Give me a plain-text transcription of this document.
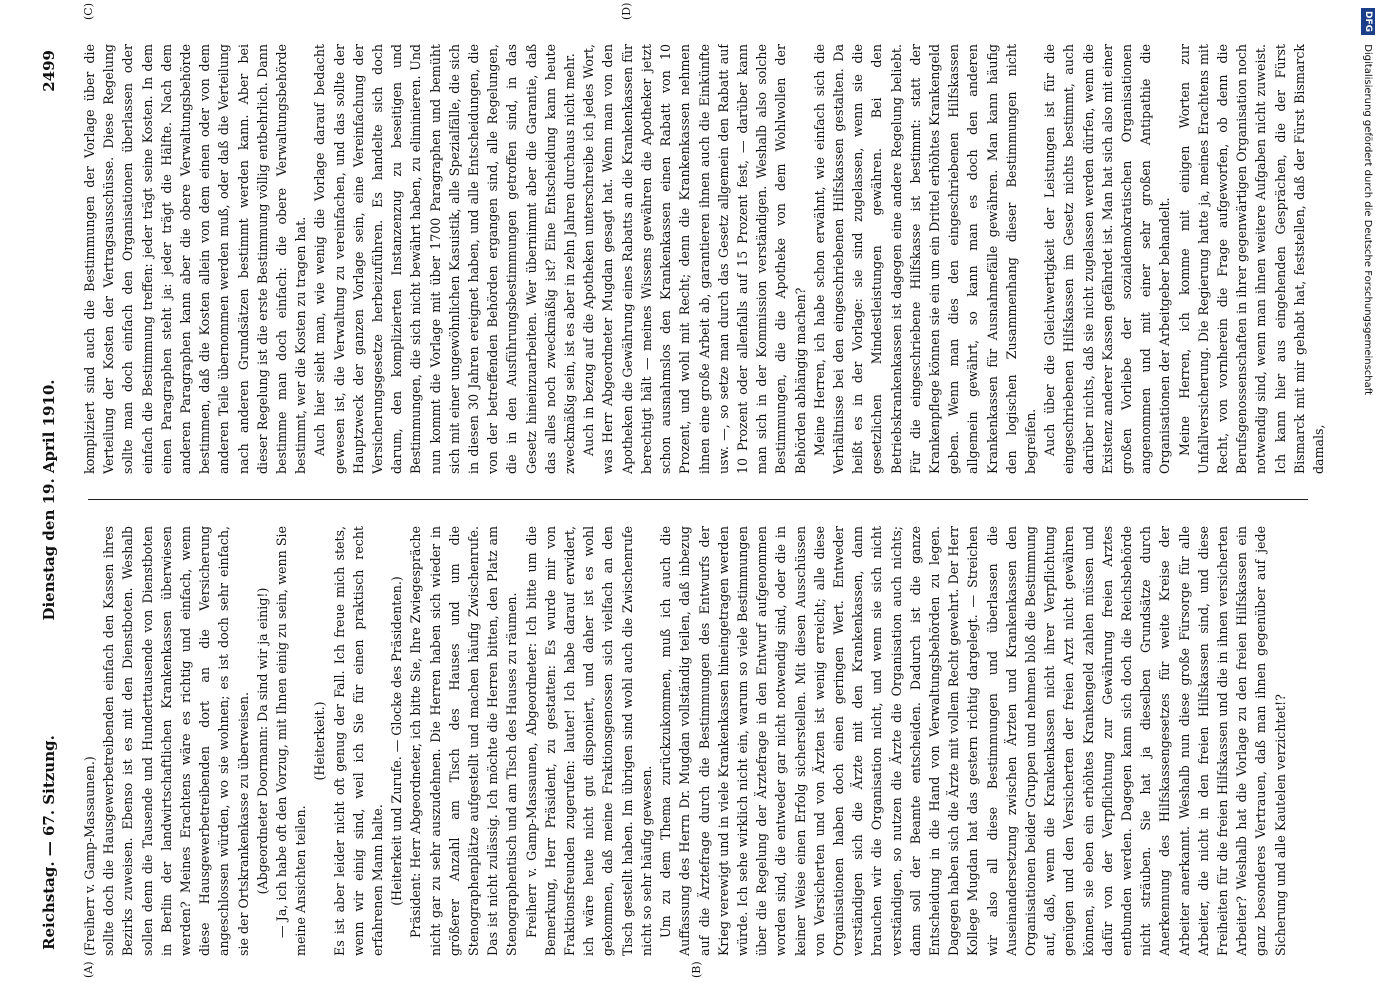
Reichstag. — 67. Sitzung.
Dienstag den 19. April 1910.
2499
(A)	(B)
(C)	(D)

(Freiherr v. Gamp-Massaunen.) sollte doch die Hausgewerbetreibenden einfach den Kassen ihres Bezirks zuweisen. Ebenso ist es mit den Dienstboten. Weshalb sollen denn die Tausende und Hunderttausende von Dienstboten in Berlin der landwirtschaftlichen Krankenkassen überwiesen werden? Meines Erachtens wäre es richtig und einfach, wenn diese Hausgewerbetreibenden dort an die Versicherung angeschlossen würden, wo sie wohnen; es ist doch sehr einfach, sie der Ortskrankenkasse zu überweisen. (Abgeordneter Doormann: Da sind wir ja einig!) — Ja, ich habe oft den Vorzug, mit Ihnen einig zu sein, wenn Sie meine Ansichten teilen.

(Heiterkeit.) Es ist aber leider nicht oft genug der Fall. Ich freue mich stets, wenn wir einig sind, weil ich Sie für einen praktisch recht erfahrenen Mann halte. (Heiterkeit und Zurufe. — Glocke des Präsidenten.) Präsident: Herr Abgeordneter, ich bitte Sie, Ihre Zwiegespräche nicht gar zu sehr auszudehnen. Die Herren haben sich wieder in größerer Anzahl am Tisch des Hauses und um die Stenographenplätze aufgestellt und machen häufig Zwischenrufe. Das ist nicht zulässig. Ich möchte die Herren bitten, den Platz am Stenographentisch und am Tisch des Hauses zu räumen. Freiherr v. Gamp-Massaunen, Abgeordneter: Ich bitte um die Bemerkung, Herr Präsident, zu gestatten: Es wurde mir von Fraktionsfreunden zugerufen: lauter! Ich habe darauf erwidert, ich wäre heute nicht gut disponiert, und daher ist es wohl gekommen, daß meine Fraktionsgenossen sich vielfach an den Tisch gestellt haben. Im übrigen sind wohl auch die Zwischenrufe nicht so sehr häufig gewesen. Um zu dem Thema zurückzukommen, muß ich auch die Auffassung des Herrn Dr. Mugdan vollständig teilen, daß inbezug auf die Ärztefrage durch die Bestimmungen des Entwurfs der Krieg verewigt und in viele Krankenkassen hineingetragen werden würde. Ich sehe wirklich nicht ein, warum so viele Bestimmungen über die Regelung der Ärztefrage in den Entwurf aufgenommen worden sind, die entweder gar nicht notwendig sind, oder die in keiner Weise einen Erfolg sicherstellen. Mit diesen Ausschüssen von Versicherten und von Ärzten ist wenig erreicht; alle diese Organisationen haben doch einen geringen Wert. Entweder verständigen sich die Ärzte mit den Krankenkassen, dann brauchen wir die Organisation nicht, und wenn sie sich nicht verständigen, so nutzen die Ärzte die Organisation auch nichts; dann soll der Beamte entscheiden. Dadurch ist die ganze Entscheidung in die Hand von Verwaltungsbehörden zu legen. Dagegen haben sich die Ärzte mit vollem Recht gewehrt. Der Herr Kollege Mugdan hat das gestern richtig dargelegt. — Streichen wir also all diese Bestimmungen und überlassen die Auseinandersetzung zwischen Ärzten und Krankenkassen den Organisationen beider Gruppen und nehmen bloß die Bestimmung auf, daß, wenn die Krankenkassen nicht ihrer Verpflichtung genügen und den Versicherten der freien Arzt nicht gewähren können, sie eben ein erhöhtes Krankengeld zahlen müssen und dafür von der Verpflichtung zur Gewährung freien Arztes entbunden werden. Dagegen kann sich doch die Reichsbehörde nicht sträuben. Sie hat ja dieselben Grundsätze durch Anerkennung des Hilfskassengesetzes für weite Kreise der Arbeiter anerkannt. Weshalb nun diese große Fürsorge für alle Arbeiter, die nicht in den freien Hilfskassen sind, und diese Freiheiten für die freien Hilfskassen und die in ihnen versicherten Arbeiter? Weshalb hat die Vorlage zu den freien Hilfskassen ein ganz besonderes Vertrauen, daß man ihnen gegenüber auf jede Sicherung und alle Kautelen verzichtet!?

kompliziert sind auch die Bestimmungen der Vorlage über die Verteilung der Kosten der Vertragsausschüsse. Diese Regelung sollte man doch einfach den Organisationen überlassen oder einfach die Bestimmung treffen: jeder trägt seine Kosten. In dem einen Paragraphen steht ja: jeder trägt die Hälfte. Nach dem anderen Paragraphen kann aber die obere Verwaltungsbehörde bestimmen, daß die Kosten allein von dem einen oder von dem anderen Teile übernommen werden muß, oder daß die Verteilung nach anderen Grundsätzen bestimmt werden kann. Aber bei dieser Regelung ist die erste Bestimmung völlig entbehrlich. Dann bestimme man doch einfach: die obere Verwaltungsbehörde bestimmt, wer die Kosten zu tragen hat. Auch hier sieht man, wie wenig die Vorlage darauf bedacht gewesen ist, die Verwaltung zu vereinfachen, und das sollte der Hauptzweck der ganzen Vorlage sein, eine Vereinfachung der Versicherungsgesetze herbeizuführen. Es handelte sich doch darum, den komplizierten Instanzenzug zu beseitigen und Bestimmungen, die sich nicht bewährt haben, zu eliminieren. Und nun kommt die Vorlage mit über 1700 Paragraphen und bemüht sich mit einer ungewöhnlichen Kasuistik, alle Spezialfälle, die sich in diesen 30 Jahren ereignet haben, und alle Entscheidungen, die von der betreffenden Behörden ergangen sind, alle Regelungen, die in den Ausführungsbestimmungen getroffen sind, in das Gesetz hineinzuarbeiten. Wer übernimmt aber die Garantie, daß das alles noch zweckmäßig ist? Eine Entscheidung kann heute zweckmäßig sein, ist es aber in zehn Jahren durchaus nicht mehr. Auch in bezug auf die Apotheken unterschreibe ich jedes Wort, was Herr Abgeordneter Mugdan gesagt hat. Wenn man von den Apotheken die Gewährung eines Rabatts an die Krankenkassen für berechtigt hält — meines Wissens gewähren die Apotheker jetzt schon ausnahmslos den Krankenkassen einen Rabatt von 10 Prozent, und wohl mit Recht; denn die Krankenkassen nehmen ihnen eine große Arbeit ab, garantieren ihnen auch die Einkünfte usw. —, so setze man durch das Gesetz allgemein den Rabatt auf 10 Prozent oder allenfalls auf 15 Prozent fest, — darüber kann man sich in der Kommission verständigen. Weshalb also solche Bestimmungen, die die Apotheke von dem Wohlwollen der Behörden abhängig machen? Meine Herren, ich habe schon erwähnt, wie einfach sich die Verhältnisse bei den eingeschriebenen Hilfskassen gestalten. Da heißt es in der Vorlage: sie sind zugelassen, wenn sie die gesetzlichen Mindestleistungen gewähren. Bei den Betriebskrankenkassen ist dagegen eine andere Regelung beliebt. Für die eingeschriebene Hilfskasse ist bestimmt: statt der Krankenpflege können sie ein um ein Drittel erhöhtes Krankengeld geben. Wenn man dies den eingeschriebenen Hilfskassen allgemein gewährt, so kann man es doch den anderen Krankenkassen für Ausnahmefälle gewähren. Man kann häufig den logischen Zusammenhang dieser Bestimmungen nicht begreifen. Auch über die Gleichwertigkeit der Leistungen ist für die eingeschriebenen Hilfskassen im Gesetz nichts bestimmt, auch darüber nichts, daß sie nicht zugelassen werden dürfen, wenn die Existenz anderer Kassen gefährdet ist. Man hat sich also mit einer großen Vorliebe der sozialdemokratischen Organisationen angenommen und mit einer sehr großen Antipathie die Organisationen der Arbeitgeber behandelt. Meine Herren, ich komme mit einigen Worten zur Unfallversicherung. Die Regierung hatte ja, meines Erachtens mit Recht, von vornherein die Frage aufgeworfen, ob denn die Berufsgenossenschaften in ihrer gegenwärtigen Organisation noch notwendig sind, wenn man ihnen weitere Aufgaben nicht zuweist. Ich kann hier aus eingehenden Gesprächen, die der Fürst Bismarck mit mir gehabt hat, feststellen, daß der Fürst Bismarck damals,

DFG Digitalisierung gefördert durch die Deutsche Forschungsgemeinschaft
